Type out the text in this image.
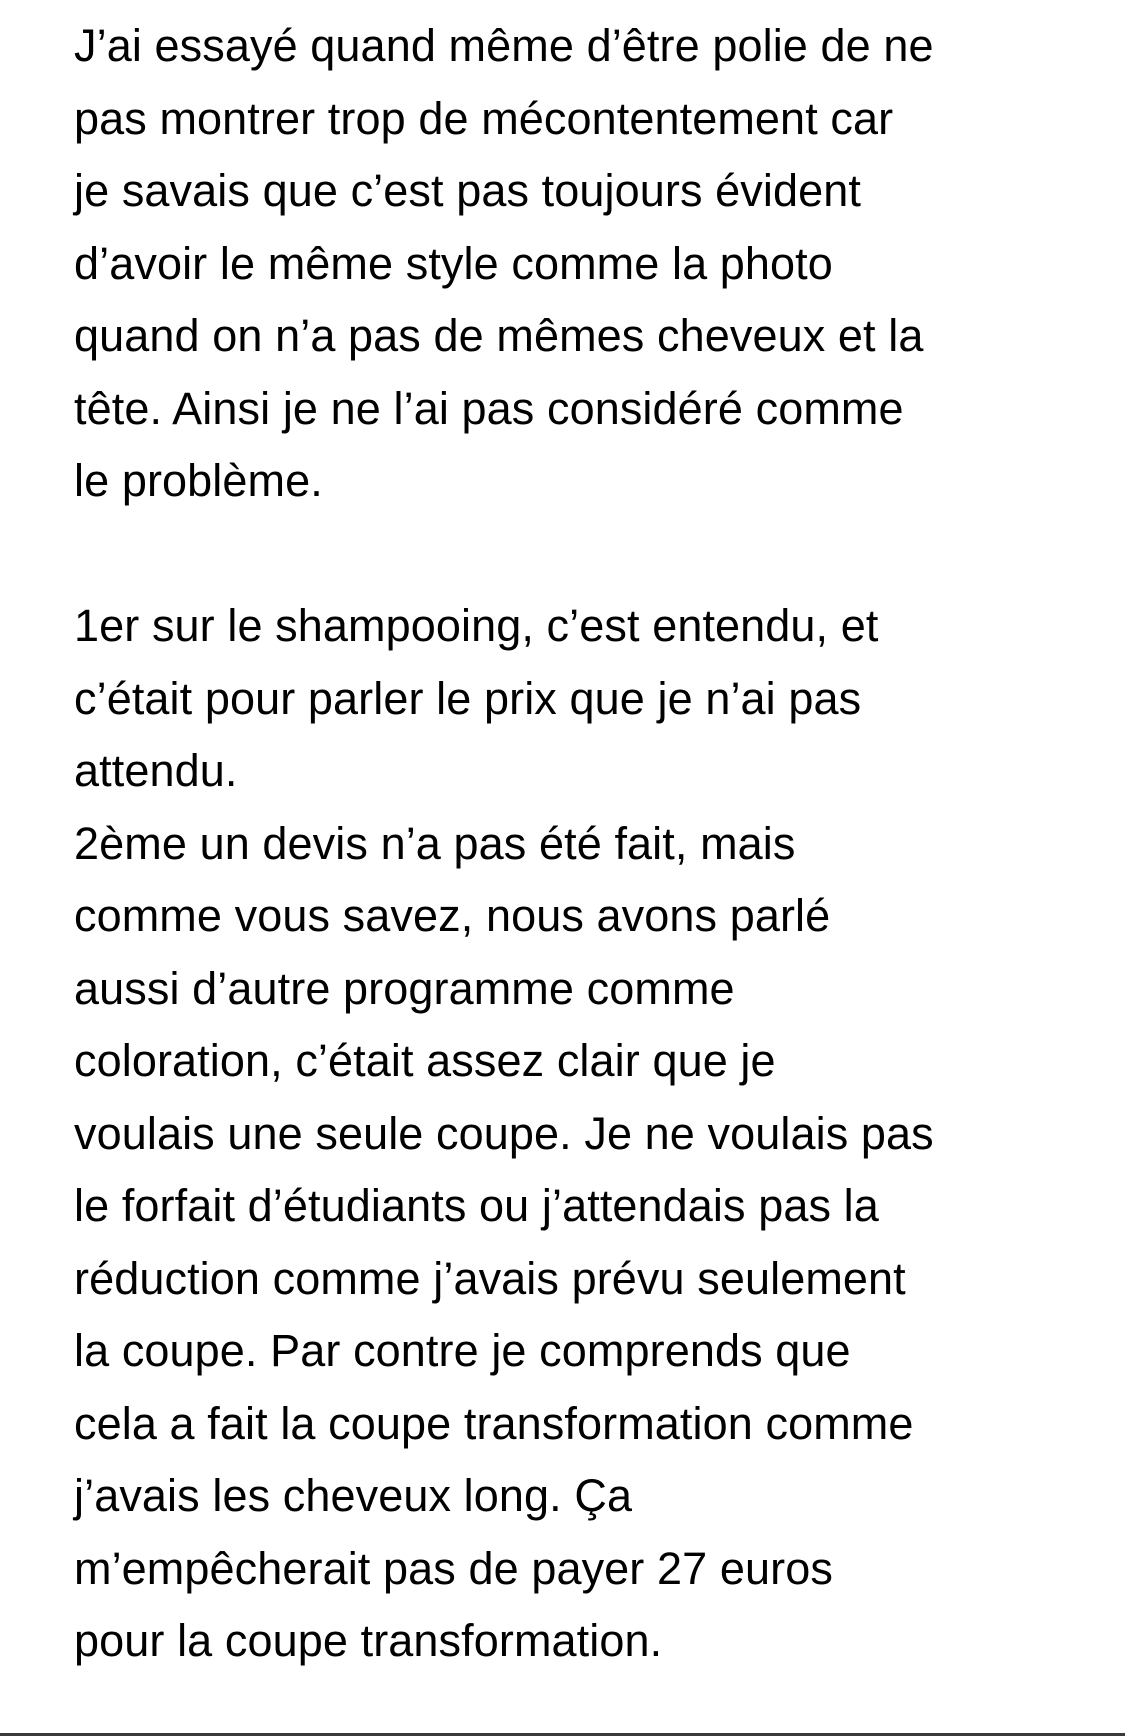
J’ai essayé quand même d’être polie de ne
pas montrer trop de mécontentement car
je savais que c’est pas toujours évident
d’avoir le même style comme la photo
quand on n’a pas de mêmes cheveux et la
tête. Ainsi je ne l’ai pas considéré comme
le problème.
1er sur le shampooing, c’est entendu, et
c’était pour parler le prix que je n’ai pas
attendu.
2ème un devis n’a pas été fait, mais
comme vous savez, nous avons parlé
aussi d’autre programme comme
coloration, c’était assez clair que je
voulais une seule coupe. Je ne voulais pas
le forfait d’étudiants ou j’attendais pas la
réduction comme j’avais prévu seulement
la coupe. Par contre je comprends que
cela a fait la coupe transformation comme
j’avais les cheveux long. Ça
m’empêcherait pas de payer 27 euros
pour la coupe transformation.
